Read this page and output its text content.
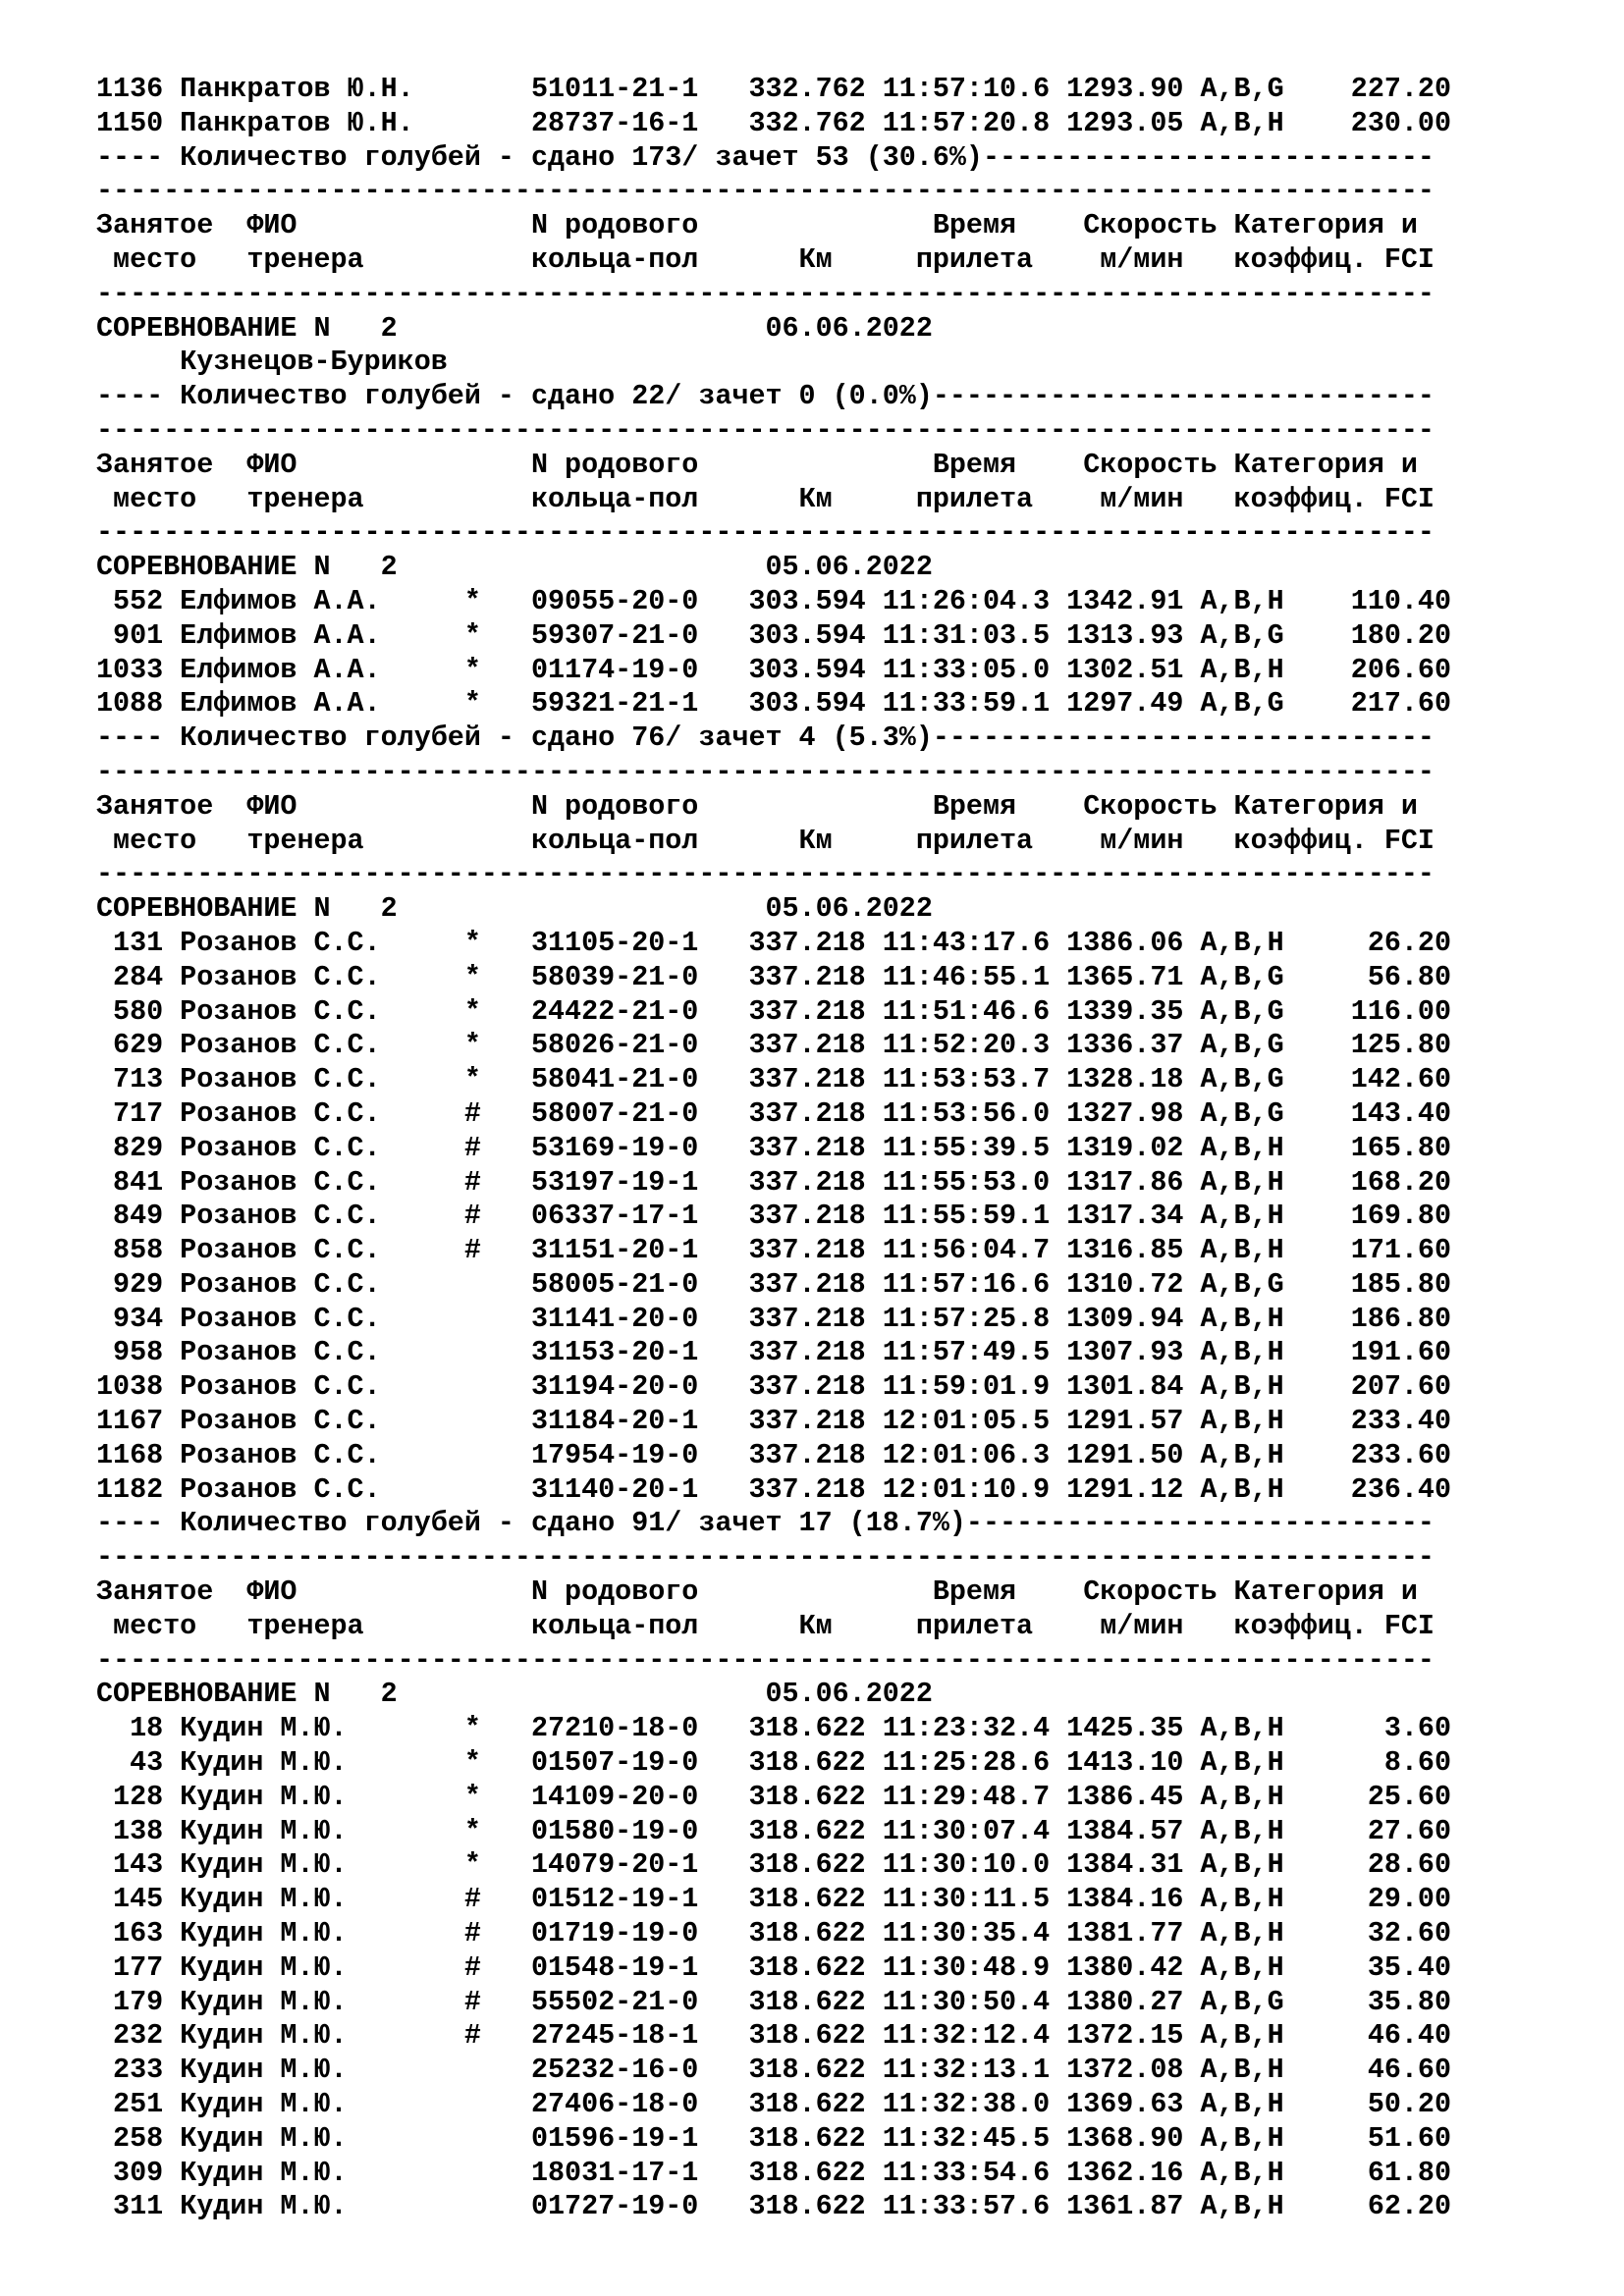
1136 Панкратов Ю.Н.       51011-21-1   332.762 11:57:10.6 1293.90 A,B,G    227.20
1150 Панкратов Ю.Н.       28737-16-1   332.762 11:57:20.8 1293.05 A,B,H    230.00
---- Количество голубей - сдано 173/ зачет 53 (30.6%)---------------------------
--------------------------------------------------------------------------------
Занятое  ФИО              N родового              Время    Скорость Категория и
место   тренера          кольца-пол      Км     прилета    м/мин   коэффиц. FCI
--------------------------------------------------------------------------------
СОРЕВНОВАНИЕ N   2                      06.06.2022
Кузнецов-Буриков
---- Количество голубей - сдано 22/ зачет 0 (0.0%)------------------------------
--------------------------------------------------------------------------------
Занятое  ФИО              N родового              Время    Скорость Категория и
место   тренера          кольца-пол      Км     прилета    м/мин   коэффиц. FCI
--------------------------------------------------------------------------------
СОРЕВНОВАНИЕ N   2                      05.06.2022
552 Елфимов А.А.     *   09055-20-0   303.594 11:26:04.3 1342.91 A,B,H    110.40
901 Елфимов А.А.     *   59307-21-0   303.594 11:31:03.5 1313.93 A,B,G    180.20
1033 Елфимов А.А.     *   01174-19-0   303.594 11:33:05.0 1302.51 A,B,H    206.60
1088 Елфимов А.А.     *   59321-21-1   303.594 11:33:59.1 1297.49 A,B,G    217.60
---- Количество голубей - сдано 76/ зачет 4 (5.3%)------------------------------
--------------------------------------------------------------------------------
Занятое  ФИО              N родового              Время    Скорость Категория и
место   тренера          кольца-пол      Км     прилета    м/мин   коэффиц. FCI
--------------------------------------------------------------------------------
СОРЕВНОВАНИЕ N   2                      05.06.2022
131 Розанов С.С.     *   31105-20-1   337.218 11:43:17.6 1386.06 A,B,H     26.20
284 Розанов С.С.     *   58039-21-0   337.218 11:46:55.1 1365.71 A,B,G     56.80
580 Розанов С.С.     *   24422-21-0   337.218 11:51:46.6 1339.35 A,B,G    116.00
629 Розанов С.С.     *   58026-21-0   337.218 11:52:20.3 1336.37 A,B,G    125.80
713 Розанов С.С.     *   58041-21-0   337.218 11:53:53.7 1328.18 A,B,G    142.60
717 Розанов С.С.     #   58007-21-0   337.218 11:53:56.0 1327.98 A,B,G    143.40
829 Розанов С.С.     #   53169-19-0   337.218 11:55:39.5 1319.02 A,B,H    165.80
841 Розанов С.С.     #   53197-19-1   337.218 11:55:53.0 1317.86 A,B,H    168.20
849 Розанов С.С.     #   06337-17-1   337.218 11:55:59.1 1317.34 A,B,H    169.80
858 Розанов С.С.     #   31151-20-1   337.218 11:56:04.7 1316.85 A,B,H    171.60
929 Розанов С.С.         58005-21-0   337.218 11:57:16.6 1310.72 A,B,G    185.80
934 Розанов С.С.         31141-20-0   337.218 11:57:25.8 1309.94 A,B,H    186.80
958 Розанов С.С.         31153-20-1   337.218 11:57:49.5 1307.93 A,B,H    191.60
1038 Розанов С.С.         31194-20-0   337.218 11:59:01.9 1301.84 A,B,H    207.60
1167 Розанов С.С.         31184-20-1   337.218 12:01:05.5 1291.57 A,B,H    233.40
1168 Розанов С.С.         17954-19-0   337.218 12:01:06.3 1291.50 A,B,H    233.60
1182 Розанов С.С.         31140-20-1   337.218 12:01:10.9 1291.12 A,B,H    236.40
---- Количество голубей - сдано 91/ зачет 17 (18.7%)----------------------------
--------------------------------------------------------------------------------
Занятое  ФИО              N родового              Время    Скорость Категория и
место   тренера          кольца-пол      Км     прилета    м/мин   коэффиц. FCI
--------------------------------------------------------------------------------
СОРЕВНОВАНИЕ N   2                      05.06.2022
18 Кудин М.Ю.       *   27210-18-0   318.622 11:23:32.4 1425.35 A,B,H      3.60
43 Кудин М.Ю.       *   01507-19-0   318.622 11:25:28.6 1413.10 A,B,H      8.60
128 Кудин М.Ю.       *   14109-20-0   318.622 11:29:48.7 1386.45 A,B,H     25.60
138 Кудин М.Ю.       *   01580-19-0   318.622 11:30:07.4 1384.57 A,B,H     27.60
143 Кудин М.Ю.       *   14079-20-1   318.622 11:30:10.0 1384.31 A,B,H     28.60
145 Кудин М.Ю.       #   01512-19-1   318.622 11:30:11.5 1384.16 A,B,H     29.00
163 Кудин М.Ю.       #   01719-19-0   318.622 11:30:35.4 1381.77 A,B,H     32.60
177 Кудин М.Ю.       #   01548-19-1   318.622 11:30:48.9 1380.42 A,B,H     35.40
179 Кудин М.Ю.       #   55502-21-0   318.622 11:30:50.4 1380.27 A,B,G     35.80
232 Кудин М.Ю.       #   27245-18-1   318.622 11:32:12.4 1372.15 A,B,H     46.40
233 Кудин М.Ю.           25232-16-0   318.622 11:32:13.1 1372.08 A,B,H     46.60
251 Кудин М.Ю.           27406-18-0   318.622 11:32:38.0 1369.63 A,B,H     50.20
258 Кудин М.Ю.           01596-19-1   318.622 11:32:45.5 1368.90 A,B,H     51.60
309 Кудин М.Ю.           18031-17-1   318.622 11:33:54.6 1362.16 A,B,H     61.80
311 Кудин М.Ю.           01727-19-0   318.622 11:33:57.6 1361.87 A,B,H     62.20
